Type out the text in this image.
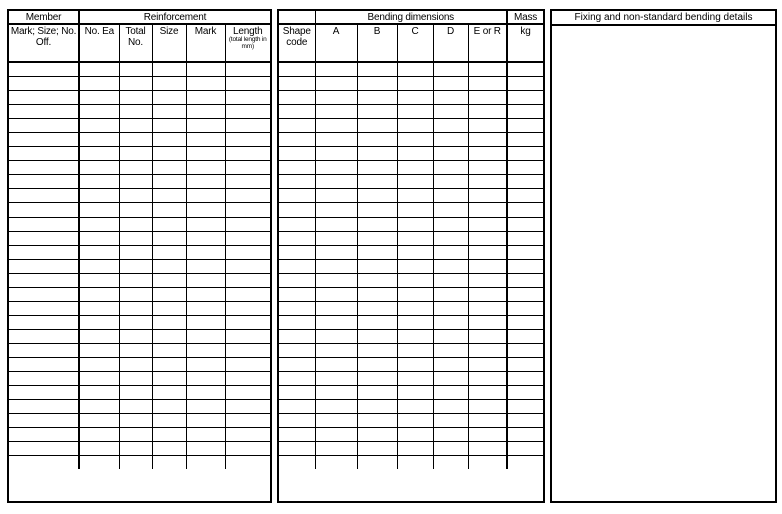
Member	Reinforcement				
Mark; Size; No. Off.	No. Ea	Total No.	Size	Mark	Length
(total length in mm)

	Bending dimensions					Mass
Shape code	A	B	C	D	E or R	kg

Fixing and non-standard bending details
